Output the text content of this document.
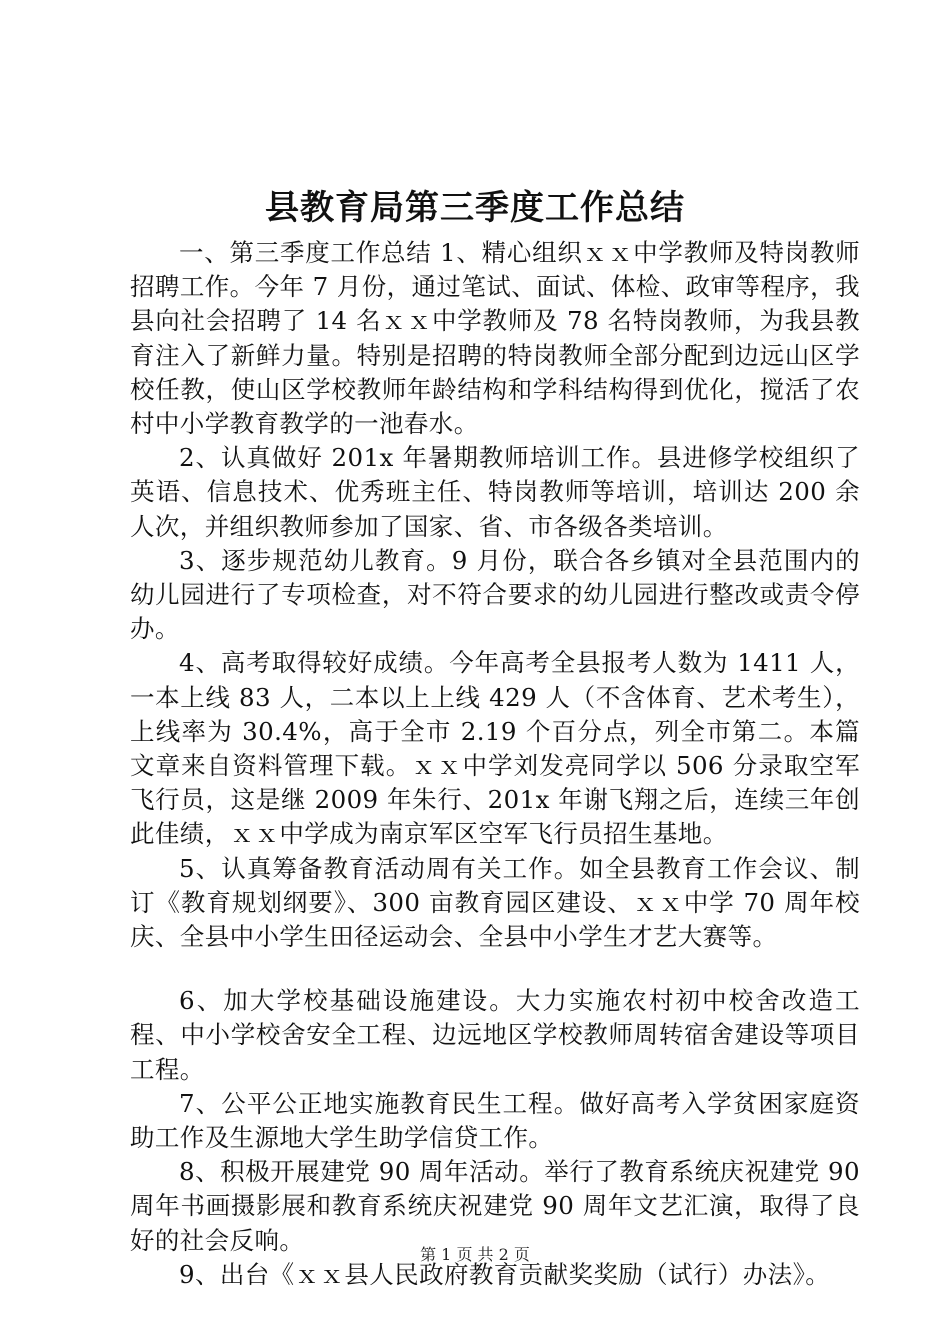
县教育局第三季度工作总结

一、第三季度工作总结 1、精心组织ｘｘ中学教师及特岗教师招聘工作。今年 7 月份，通过笔试、面试、体检、政审等程序，我县向社会招聘了 14 名ｘｘ中学教师及 78 名特岗教师，为我县教育注入了新鲜力量。特别是招聘的特岗教师全部分配到边远山区学校任教，使山区学校教师年龄结构和学科结构得到优化，搅活了农村中小学教育教学的一池春水。

2、认真做好 201x 年暑期教师培训工作。县进修学校组织了英语、信息技术、优秀班主任、特岗教师等培训，培训达 200 余人次，并组织教师参加了国家、省、市各级各类培训。

3、逐步规范幼儿教育。9 月份，联合各乡镇对全县范围内的幼儿园进行了专项检查，对不符合要求的幼儿园进行整改或责令停办。

4、高考取得较好成绩。今年高考全县报考人数为 1411 人，一本上线 83 人，二本以上上线 429 人（不含体育、艺术考生），上线率为 30.4%，高于全市 2.19 个百分点，列全市第二。本篇文章来自资料管理下载。ｘｘ中学刘发亮同学以 506 分录取空军飞行员，这是继 2009 年朱行、201x 年谢飞翔之后，连续三年创此佳绩，ｘｘ中学成为南京军区空军飞行员招生基地。

5、认真筹备教育活动周有关工作。如全县教育工作会议、制订《教育规划纲要》、300 亩教育园区建设、ｘｘ中学 70 周年校庆、全县中小学生田径运动会、全县中小学生才艺大赛等。

6、加大学校基础设施建设。大力实施农村初中校舍改造工程、中小学校舍安全工程、边远地区学校教师周转宿舍建设等项目工程。

7、公平公正地实施教育民生工程。做好高考入学贫困家庭资助工作及生源地大学生助学信贷工作。

8、积极开展建党 90 周年活动。举行了教育系统庆祝建党 90 周年书画摄影展和教育系统庆祝建党 90 周年文艺汇演，取得了良好的社会反响。

9、出台《ｘｘ县人民政府教育贡献奖奖励（试行）办法》。

第 1 页 共 2 页
